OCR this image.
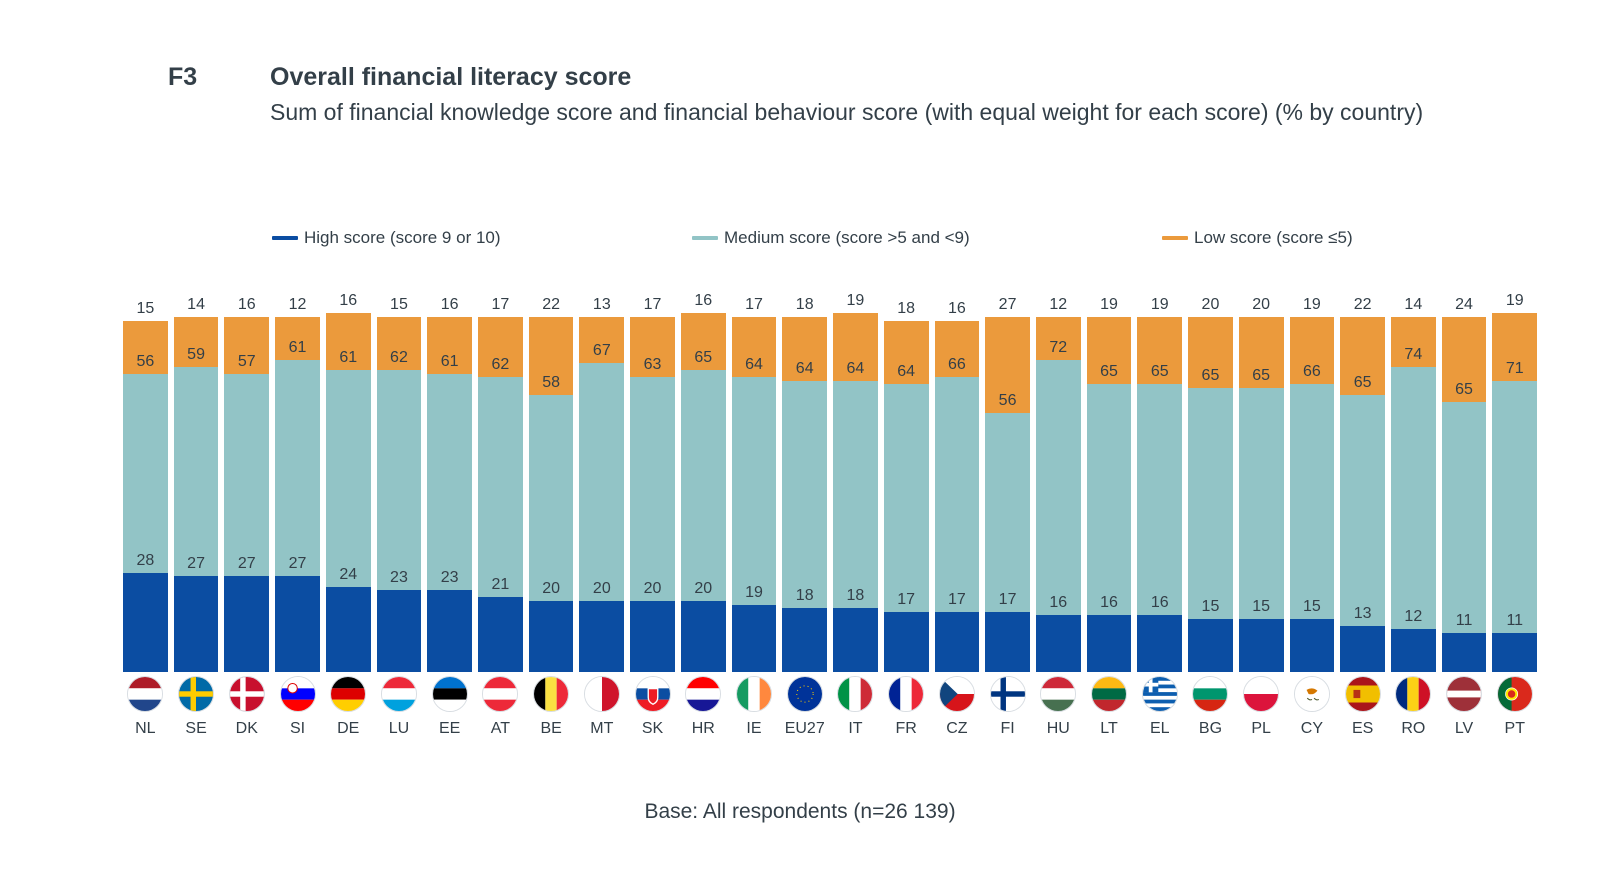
F3	Overall financial literacy score
Sum of financial knowledge score and financial behaviour score (with equal weight for each score) (% by country)
High score (score 9 or 10)	Medium score (score >5 and <9)	Low score (score ≤5)
15
56
28
14
59
27
16
57
27
12
61
27
16
61
24
15
62
23
16
61
23
17
62
21
22
58
20
13
67
20
17
63
20
16
65
20
17
64
19
18
64
18
19
64
18
18
64
17
16
66
17
27
56
17
12
72
16
19
65
16
19
65
16
20
65
15
20
65
15
19
66
15
22
65
13
14
74
12
24
65
11
19
71
11
NL SE DK SI DE LU EE AT BE MT SK HR IE EU27 IT FR CZ FI HU LT EL BG PL CY ES RO LV PT
Base: All respondents (n=26 139)
